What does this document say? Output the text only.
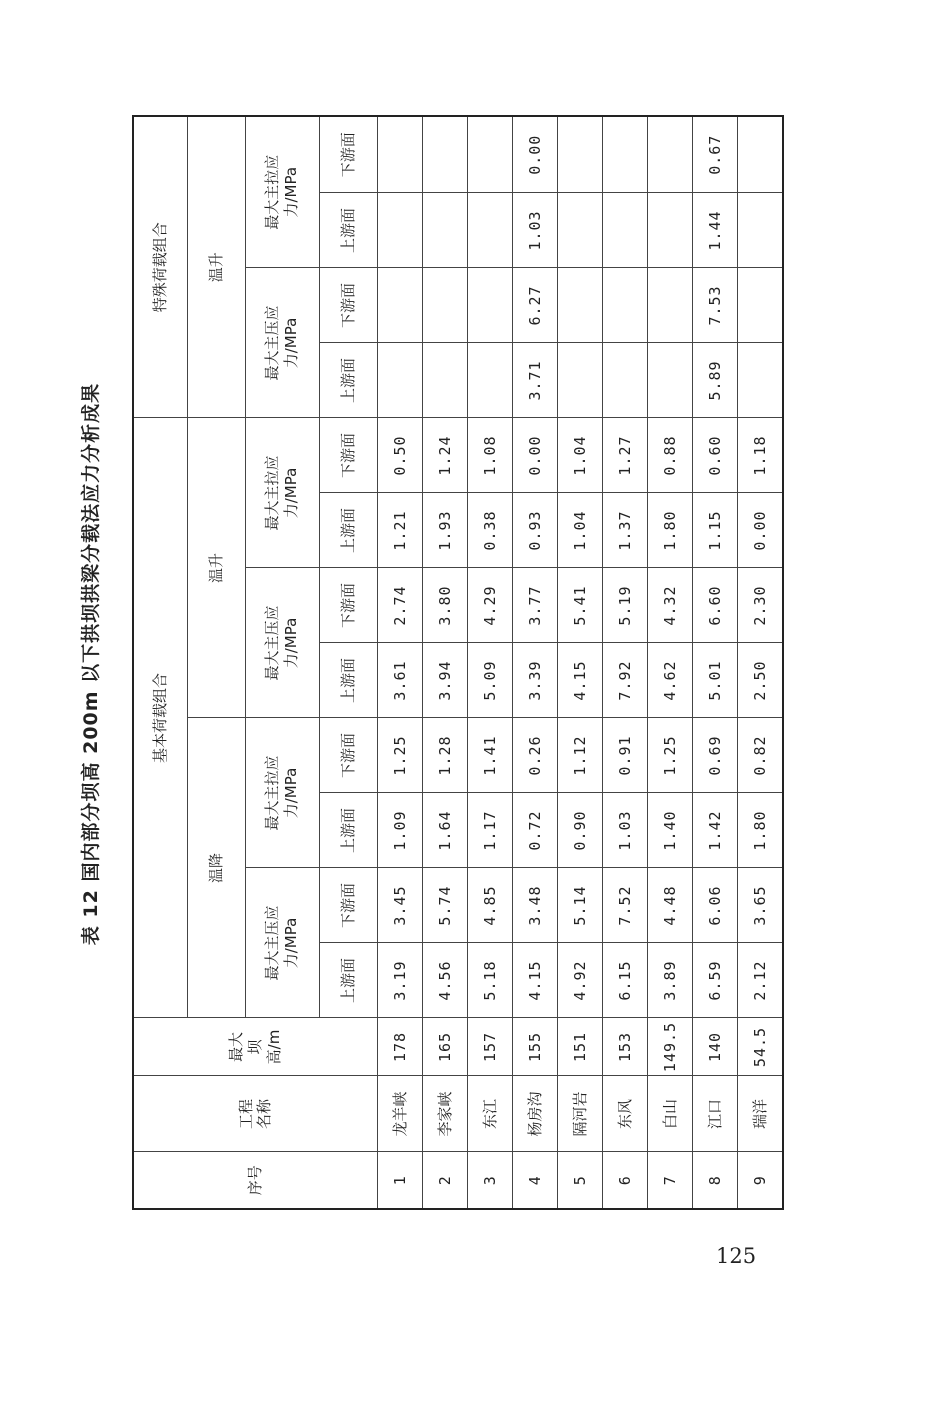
表 12 国内部分坝高 200m 以下拱坝拱梁分载法应力分析成果
序号	工程名称	最大坝高/m	基本荷载组合								特殊荷载组合			
			温降				温升				温升			

			最大主压应力/MPa		最大主拉应力/MPa		最大主压应力/MPa		最大主拉应力/MPa		最大主压应力/MPa		最大主拉应力/MPa	

			上游面	下游面	上游面	下游面	上游面	下游面	上游面	下游面	上游面	下游面	上游面	下游面
1	龙羊峡	178	3.19	3.45	1.09	1.25	3.61	2.74	1.21	0.50				
2	李家峡	165	4.56	5.74	1.64	1.28	3.94	3.80	1.93	1.24				
3	东江	157	5.18	4.85	1.17	1.41	5.09	4.29	0.38	1.08				
4	杨房沟	155	4.15	3.48	0.72	0.26	3.39	3.77	0.93	0.00	3.71	6.27	1.03	0.00
5	隔河岩	151	4.92	5.14	0.90	1.12	4.15	5.41	1.04	1.04				
6	东风	153	6.15	7.52	1.03	0.91	7.92	5.19	1.37	1.27				
7	白山	149.5	3.89	4.48	1.40	1.25	4.62	4.32	1.80	0.88				
8	江口	140	6.59	6.06	1.42	0.69	5.01	6.60	1.15	0.60	5.89	7.53	1.44	0.67
9	瑞洋	54.5	2.12	3.65	1.80	0.82	2.50	2.30	0.00	1.18				
125
